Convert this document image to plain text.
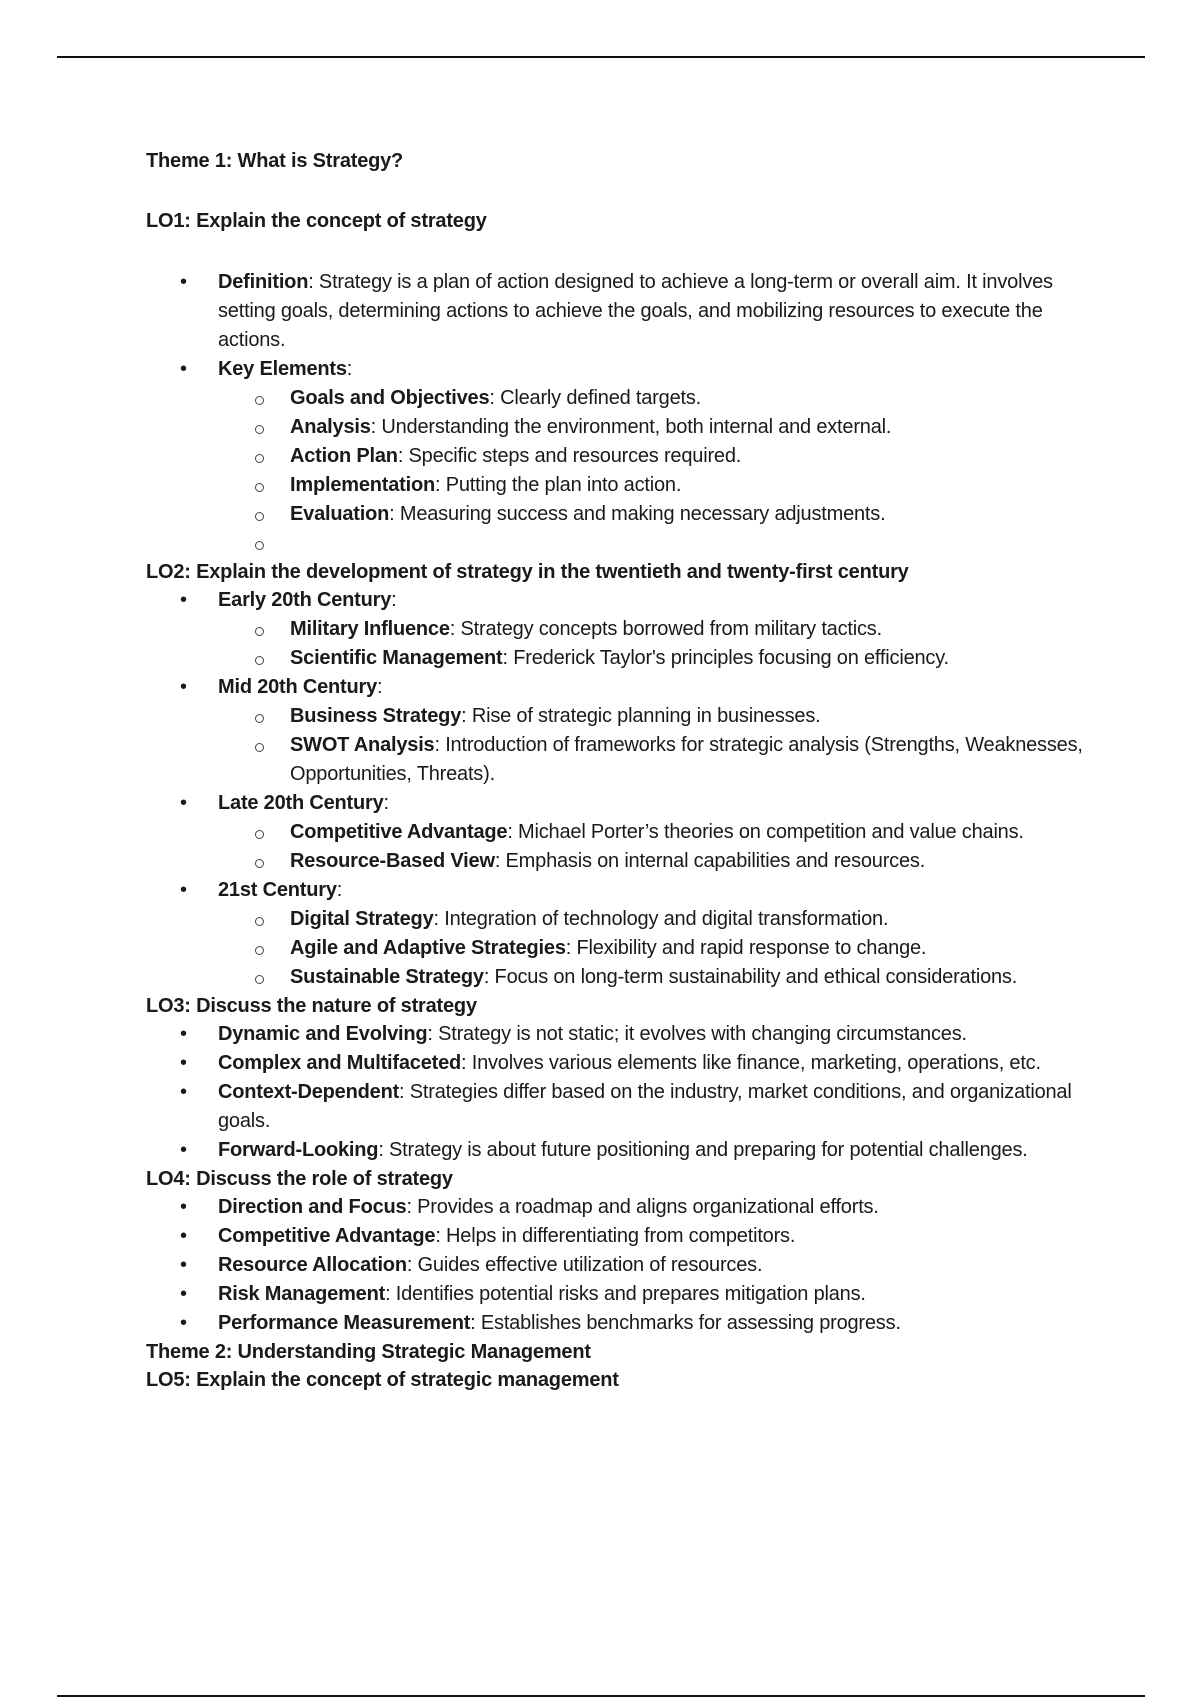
Theme 1: What is Strategy?

LO1: Explain the concept of strategy

• Definition: Strategy is a plan of action designed to achieve a long-term or overall aim. It involves setting goals, determining actions to achieve the goals, and mobilizing resources to execute the actions.
• Key Elements:
Goals and Objectives: Clearly defined targets.
Analysis: Understanding the environment, both internal and external.
Action Plan: Specific steps and resources required.
Implementation: Putting the plan into action.
Evaluation: Measuring success and making necessary adjustments.

LO2: Explain the development of strategy in the twentieth and twenty-first century

• Early 20th Century:
Military Influence: Strategy concepts borrowed from military tactics.
Scientific Management: Frederick Taylor's principles focusing on efficiency.
• Mid 20th Century:
Business Strategy: Rise of strategic planning in businesses.
SWOT Analysis: Introduction of frameworks for strategic analysis (Strengths, Weaknesses, Opportunities, Threats).
• Late 20th Century:
Competitive Advantage: Michael Porter’s theories on competition and value chains.
Resource-Based View: Emphasis on internal capabilities and resources.
• 21st Century:
Digital Strategy: Integration of technology and digital transformation.
Agile and Adaptive Strategies: Flexibility and rapid response to change.
Sustainable Strategy: Focus on long-term sustainability and ethical considerations.

LO3: Discuss the nature of strategy

• Dynamic and Evolving: Strategy is not static; it evolves with changing circumstances.
• Complex and Multifaceted: Involves various elements like finance, marketing, operations, etc.
• Context-Dependent: Strategies differ based on the industry, market conditions, and organizational goals.
• Forward-Looking: Strategy is about future positioning and preparing for potential challenges.

LO4: Discuss the role of strategy

• Direction and Focus: Provides a roadmap and aligns organizational efforts.
• Competitive Advantage: Helps in differentiating from competitors.
• Resource Allocation: Guides effective utilization of resources.
• Risk Management: Identifies potential risks and prepares mitigation plans.
• Performance Measurement: Establishes benchmarks for assessing progress.

Theme 2: Understanding Strategic Management

LO5: Explain the concept of strategic management
